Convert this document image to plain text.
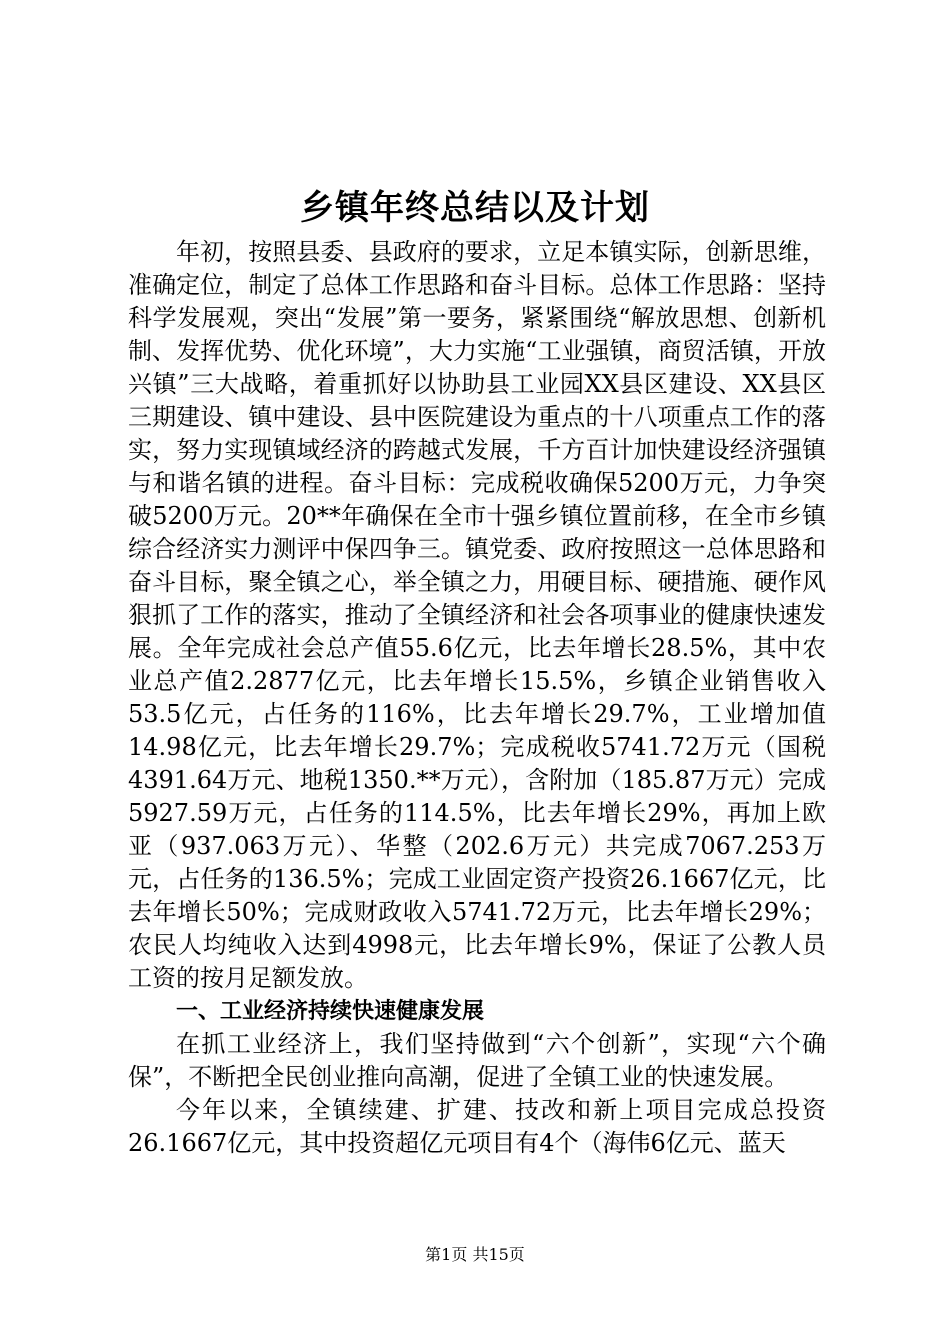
乡镇年终总结以及计划

年初，按照县委、县政府的要求，立足本镇实际，创新思维，准确定位，制定了总体工作思路和奋斗目标。总体工作思路：坚持科学发展观，突出“发展”第一要务，紧紧围绕“解放思想、创新机制、发挥优势、优化环境”，大力实施“工业强镇，商贸活镇，开放兴镇”三大战略，着重抓好以协助县工业园XX县区建设、XX县区三期建设、镇中建设、县中医院建设为重点的十八项重点工作的落实，努力实现镇域经济的跨越式发展，千方百计加快建设经济强镇与和谐名镇的进程。奋斗目标：完成税收确保5200万元，力争突破5200万元。20**年确保在全市十强乡镇位置前移，在全市乡镇综合经济实力测评中保四争三。镇党委、政府按照这一总体思路和奋斗目标，聚全镇之心，举全镇之力，用硬目标、硬措施、硬作风狠抓了工作的落实，推动了全镇经济和社会各项事业的健康快速发展。全年完成社会总产值55.6亿元，比去年增长28.5%，其中农业总产值2.2877亿元，比去年增长15.5%，乡镇企业销售收入53.5亿元，占任务的116%，比去年增长29.7%，工业增加值14.98亿元，比去年增长29.7%；完成税收5741.72万元（国税4391.64万元、地税1350.**万元），含附加（185.87万元）完成5927.59万元，占任务的114.5%，比去年增长29%，再加上欧亚（937.063万元）、华整（202.6万元）共完成7067.253万元，占任务的136.5%；完成工业固定资产投资26.1667亿元，比去年增长50%；完成财政收入5741.72万元，比去年增长29%；农民人均纯收入达到4998元，比去年增长9%，保证了公教人员工资的按月足额发放。

一、工业经济持续快速健康发展

在抓工业经济上，我们坚持做到“六个创新”，实现“六个确保”，不断把全民创业推向高潮，促进了全镇工业的快速发展。

今年以来，全镇续建、扩建、技改和新上项目完成总投资26.1667亿元，其中投资超亿元项目有4个（海伟6亿元、蓝天

第1页 共15页
